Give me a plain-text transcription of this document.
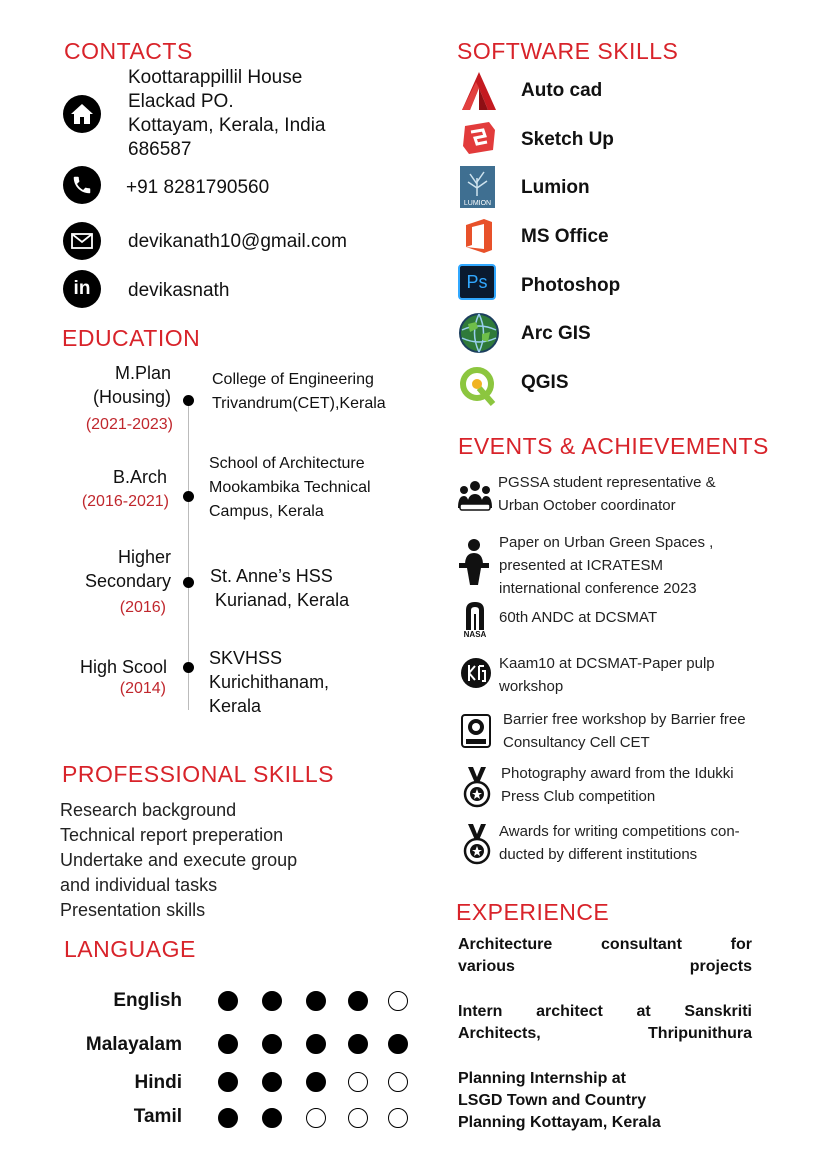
CONTACTS
Koottarappillil House
Elackad PO.
Kottayam, Kerala, India
686587
+91 8281790560
devikanath10@gmail.com
in	devikasnath
EDUCATION
M.Plan
(Housing)
(2021-2023)
College of Engineering
Trivandrum(CET),Kerala
B.Arch
(2016-2021)
School of Architecture
Mookambika Technical
Campus, Kerala
Higher
Secondary
(2016)
St. Anne’s HSS
Kurianad, Kerala
High Scool
(2014)
SKVHSS
Kurichithanam,
Kerala
PROFESSIONAL SKILLS
Research background
Technical report preperation
Undertake and execute group
and individual tasks
Presentation skills
LANGUAGE
English
Malayalam
Hindi
Tamil
SOFTWARE SKILLS
Auto cad
Sketch Up
LUMION
Lumion
MS Office
Ps	Photoshop
Arc GIS
QGIS
EVENTS & ACHIEVEMENTS
PGSSA student representative &
Urban October coordinator
Paper on Urban Green Spaces ,
presented at ICRATESM
international conference 2023
NASA
60th ANDC at DCSMAT
Kaam10 at DCSMAT-Paper pulp
workshop
Barrier free workshop by Barrier free
Consultancy Cell CET
Photography award from the Idukki
Press Club competition
Awards for writing competitions con-
ducted by different institutions
EXPERIENCE
Architecture consultant for
various projects
Intern architect at Sanskriti
Architects, Thripunithura
Planning Internship at
LSGD Town and Country
Planning Kottayam, Kerala
